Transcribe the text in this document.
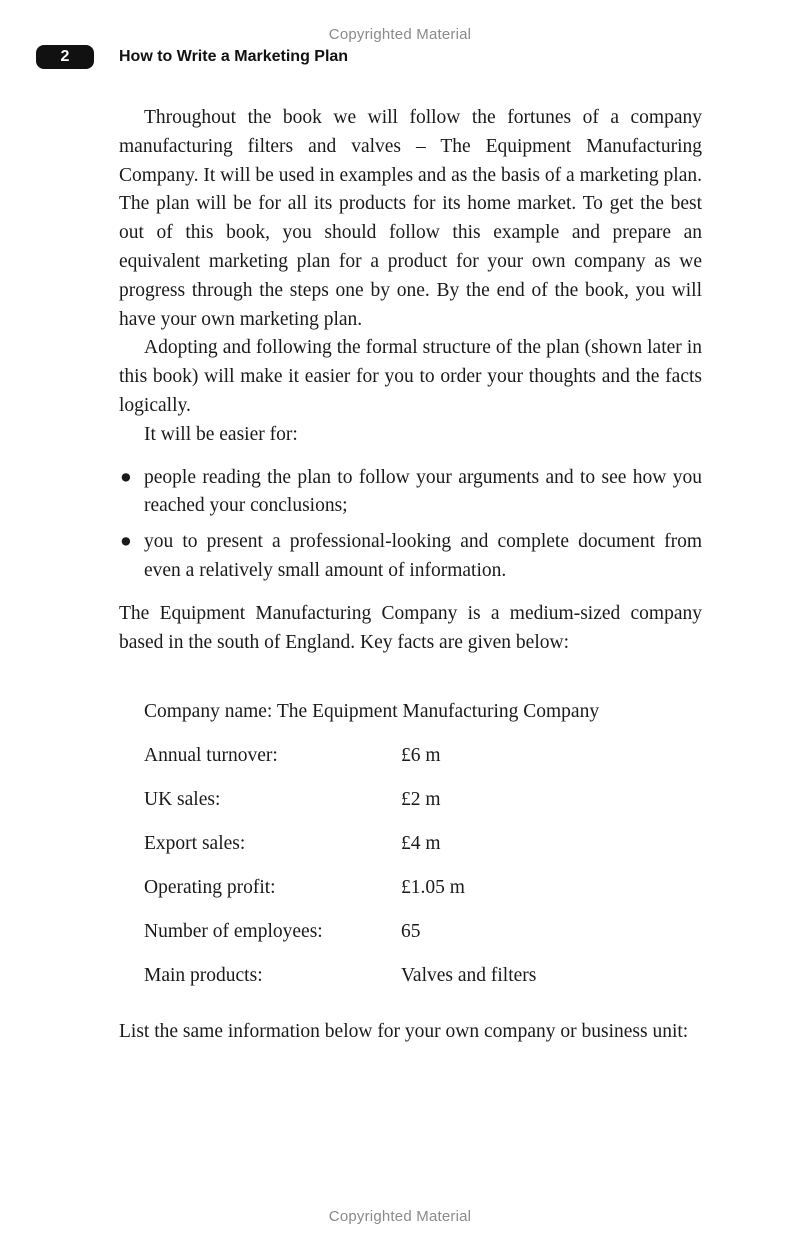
Copyrighted Material
2	How to Write a Marketing Plan

Throughout the book we will follow the fortunes of a company manufacturing filters and valves – The Equipment Manufacturing Company. It will be used in examples and as the basis of a marketing plan. The plan will be for all its products for its home market. To get the best out of this book, you should follow this example and prepare an equivalent marketing plan for a product for your own company as we progress through the steps one by one. By the end of the book, you will have your own marketing plan.

Adopting and following the formal structure of the plan (shown later in this book) will make it easier for you to order your thoughts and the facts logically.

It will be easier for:

● people reading the plan to follow your arguments and to see how you reached your conclusions;
● you to present a professional-looking and complete document from even a relatively small amount of information.

The Equipment Manufacturing Company is a medium-sized company based in the south of England. Key facts are given below:

Company name: The Equipment Manufacturing Company
Annual turnover:	£6 m
UK sales:	£2 m
Export sales:	£4 m
Operating profit:	£1.05 m
Number of employees:	65
Main products:	Valves and filters

List the same information below for your own company or business unit:

Copyrighted Material
